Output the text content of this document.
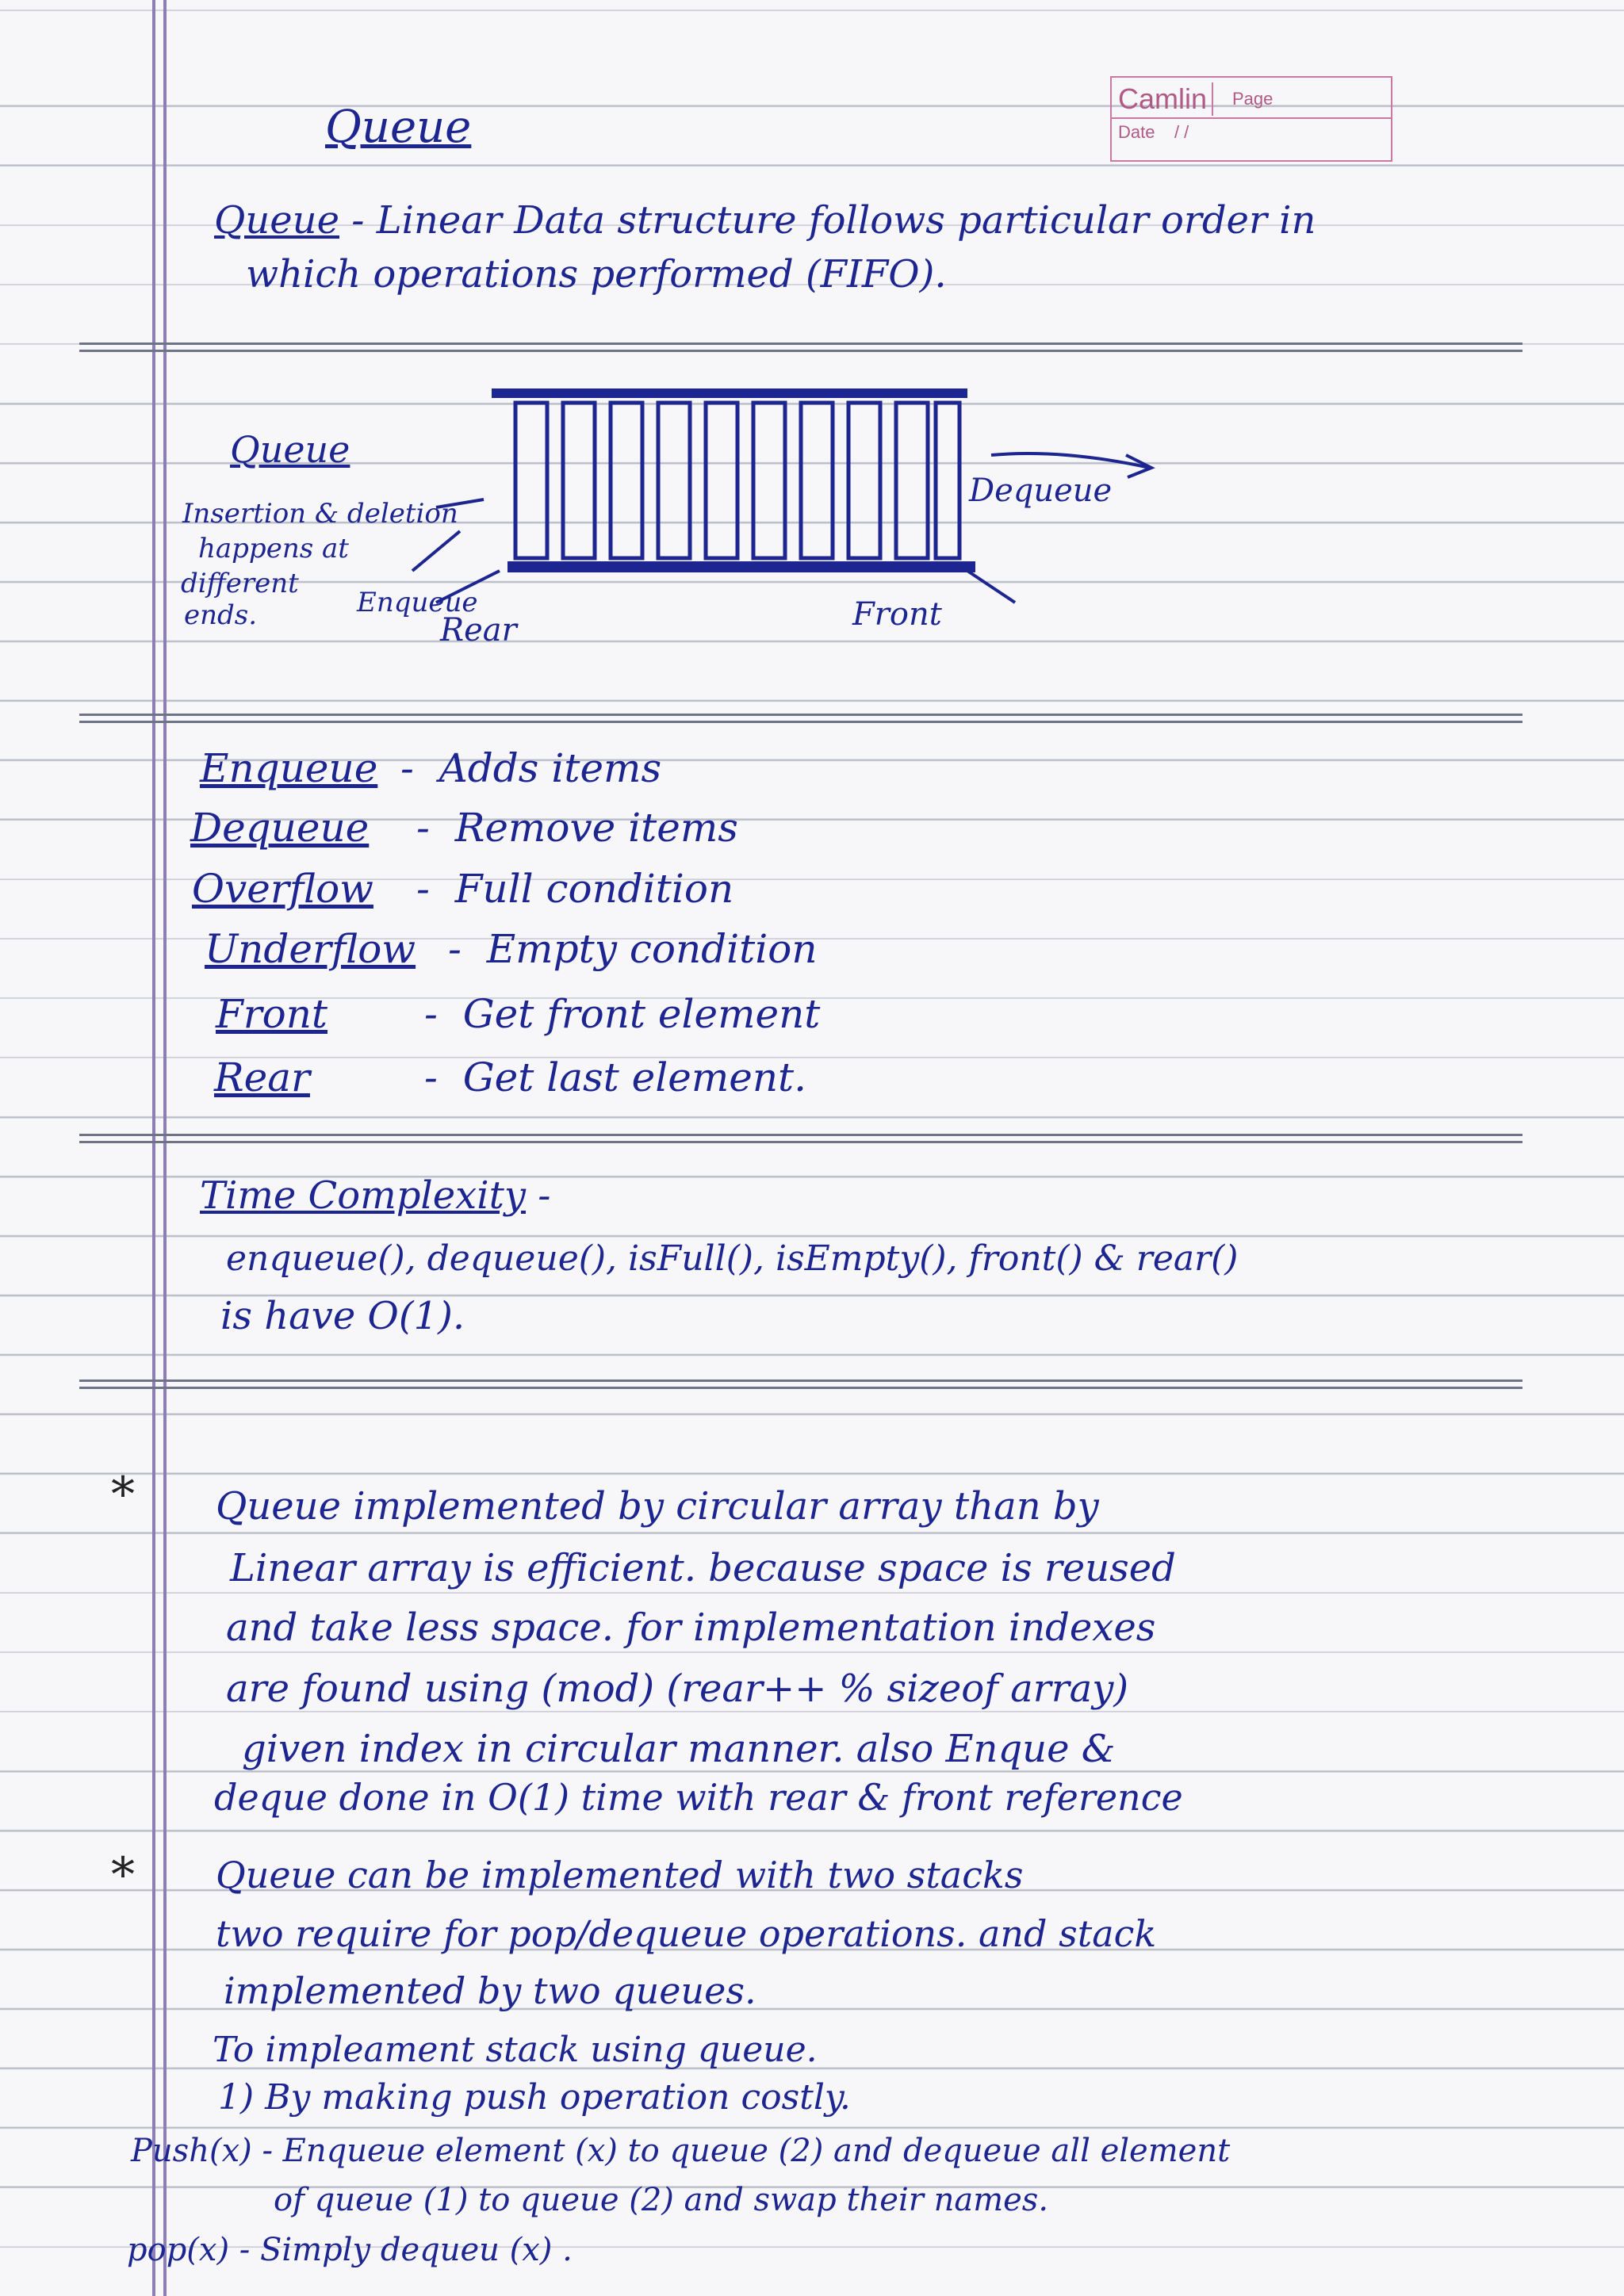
Camlin	Page
Date / /
Queue
Queue - Linear Data structure follows particular order in
which operations performed (FIFO).
Queue
Insertion & deletion
happens at
different
ends.	Enqueue
Rear	Front
Dequeue
Enqueue -  Adds items
Dequeue -  Remove items
Overflow -  Full condition
Underflow -  Empty condition
Front -  Get front element
Rear	-  Get last element.
Time Complexity -
enqueue(), dequeue(), isFull(), isEmpty(), front() & rear()
is have O(1).
* Queue implemented by circular array than by
Linear array is efficient. because space is reused
and take less space. for implementation indexes
are found using (mod) (rear++ % sizeof array)
given index in circular manner. also Enque &
deque done in O(1) time with rear & front reference
* Queue can be implemented with two stacks
two require for pop/dequeue operations. and stack
implemented by two queues.
To impleament stack using queue.
1) By making push operation costly.
Push(x) - Enqueue element (x) to queue (2) and dequeue all element
of queue (1) to queue (2) and swap their names.
pop(x) - Simply dequeu (x) .
